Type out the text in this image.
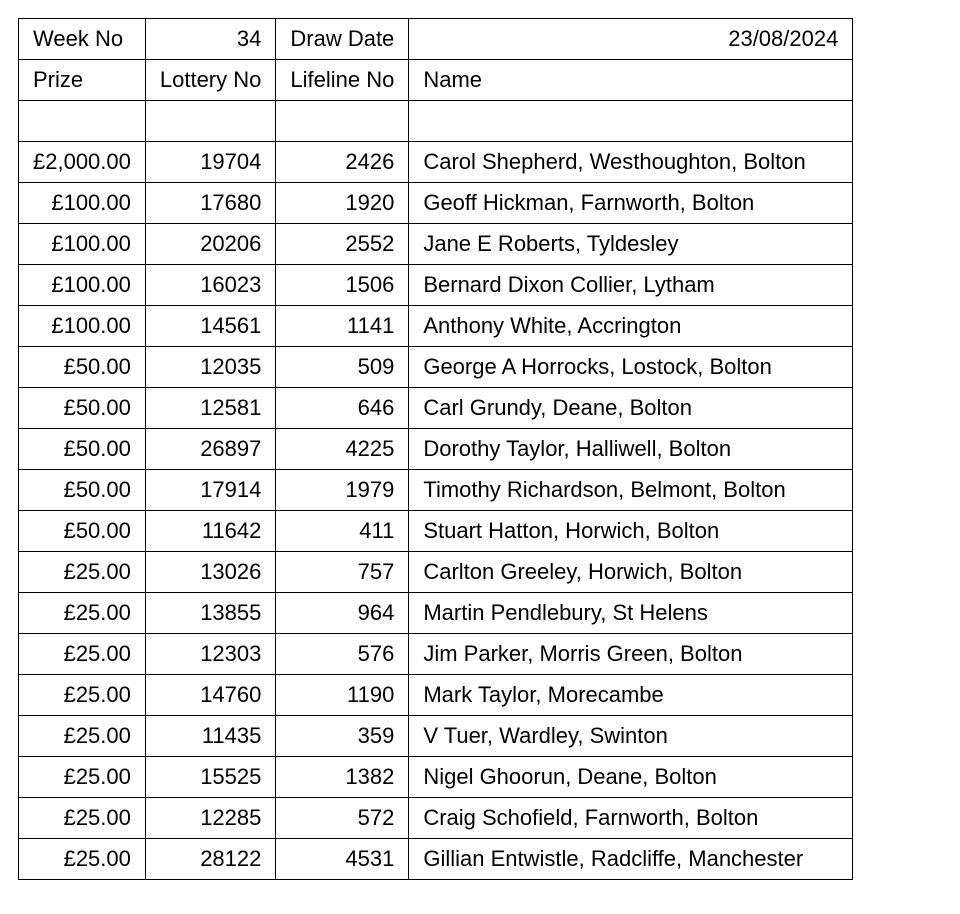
Week No	34	Draw Date	23/08/2024
Prize	Lottery No	Lifeline No	Name

£2,000.00	19704	2426	Carol Shepherd, Westhoughton, Bolton
£100.00	17680	1920	Geoff Hickman, Farnworth, Bolton
£100.00	20206	2552	Jane E Roberts, Tyldesley
£100.00	16023	1506	Bernard Dixon Collier, Lytham
£100.00	14561	1141	Anthony White, Accrington
£50.00	12035	509	George A Horrocks, Lostock, Bolton
£50.00	12581	646	Carl Grundy, Deane, Bolton
£50.00	26897	4225	Dorothy Taylor, Halliwell, Bolton
£50.00	17914	1979	Timothy Richardson, Belmont, Bolton
£50.00	11642	411	Stuart Hatton, Horwich, Bolton
£25.00	13026	757	Carlton Greeley, Horwich, Bolton
£25.00	13855	964	Martin Pendlebury, St Helens
£25.00	12303	576	Jim Parker, Morris Green, Bolton
£25.00	14760	1190	Mark Taylor, Morecambe
£25.00	11435	359	V Tuer, Wardley, Swinton
£25.00	15525	1382	Nigel Ghoorun, Deane, Bolton
£25.00	12285	572	Craig Schofield, Farnworth, Bolton
£25.00	28122	4531	Gillian Entwistle, Radcliffe, Manchester
